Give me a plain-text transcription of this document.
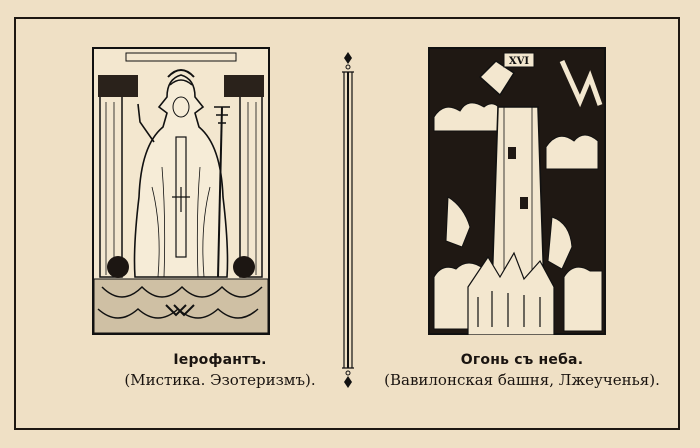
XVI
Iерофантъ.
(Мистика. Эзотеризмъ).
Огонь съ неба.
(Вавилонская башня, Лжеученья).
